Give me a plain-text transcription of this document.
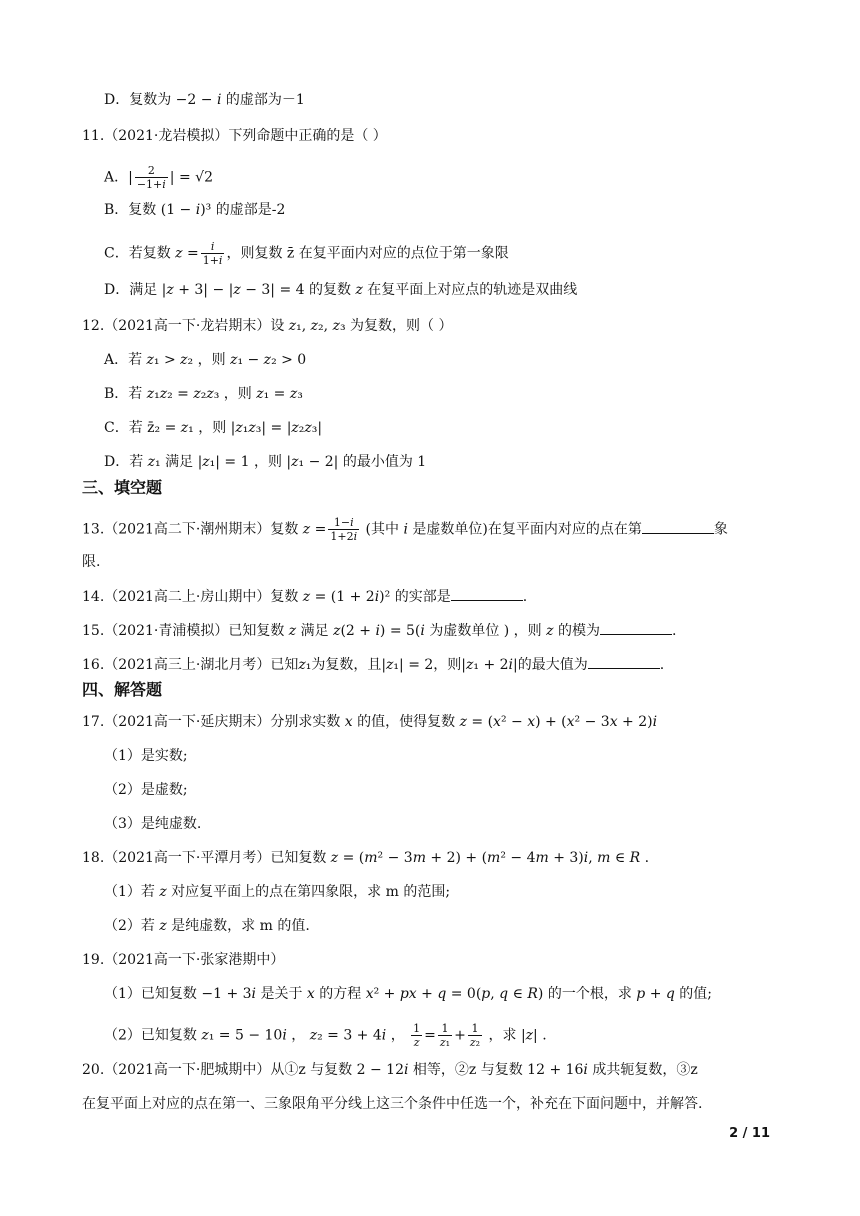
D．复数为 −2 − 𝑖 的虚部为－1
11.（2021·龙岩模拟）下列命题中正确的是（ ）
A．| $\frac{2}{\text{−1+𝑖}}$ | = √2
B．复数 (1 − 𝑖)³ 的虚部是-2
C．若复数 𝑧 = $\frac{\text{𝑖}}{\text{1+𝑖}}$ ，则复数 z̄ 在复平面内对应的点位于第一象限
D．满足 |𝑧 + 3| − |𝑧 − 3| = 4 的复数 𝑧 在复平面上对应点的轨迹是双曲线
12.（2021高一下·龙岩期末）设 𝑧₁, 𝑧₂, 𝑧₃ 为复数，则（ ）
A．若 𝑧₁ > 𝑧₂ ，则 𝑧₁ − 𝑧₂ > 0
B．若 𝑧₁𝑧₂ = 𝑧₂𝑧₃ ，则 𝑧₁ = 𝑧₃
C．若 z̄₂ = 𝑧₁ ，则 |𝑧₁𝑧₃| = |𝑧₂𝑧₃|
D．若 𝑧₁ 满足 |𝑧₁| = 1 ，则 |𝑧₁ − 2| 的最小值为 1
三、填空题
13.（2021高二下·潮州期末）复数 𝑧 = $\frac{\text{1−𝑖}}{\text{1+2𝑖}}$ (其中 𝑖 是虚数单位)在复平面内对应的点在第	象
限.
14.（2021高二上·房山期中）复数 𝑧 = (1 + 2𝑖)² 的实部是	.
15.（2021·青浦模拟）已知复数 𝑧 满足 𝑧(2 + 𝑖) = 5(𝑖 为虚数单位 ) ，则 𝑧 的模为	.
16.（2021高三上·湖北月考）已知𝑧₁为复数，且|𝑧₁| = 2，则|𝑧₁ + 2𝑖|的最大值为	.
四、解答题
17.（2021高一下·延庆期末）分别求实数 𝑥 的值，使得复数 𝑧 = (𝑥² − 𝑥) + (𝑥² − 3𝑥 + 2)𝑖
（1）是实数;
（2）是虚数;
（3）是纯虚数.
18.（2021高一下·平潭月考）已知复数 𝑧 = (𝑚² − 3𝑚 + 2) + (𝑚² − 4𝑚 + 3)𝑖, 𝑚 ∈ 𝑅 .
（1）若 𝑧 对应复平面上的点在第四象限，求 m 的范围;
（2）若 𝑧 是纯虚数，求 m 的值.
19.（2021高一下·张家港期中）
（1）已知复数 −1 + 3𝑖 是关于 𝑥 的方程 𝑥² + 𝑝𝑥 + 𝑞 = 0(𝑝, 𝑞 ∈ 𝑅) 的一个根，求 𝑝 + 𝑞 的值;
（2）已知复数 𝑧₁ = 5 − 10𝑖 ， 𝑧₂ = 3 + 4𝑖 ， $\frac{1}{\text{𝑧}} = \frac{1}{\text{𝑧₁}} + \frac{1}{\text{𝑧₂}}$ ，求 |𝑧| .
20.（2021高一下·肥城期中）从①z 与复数 2 − 12𝑖 相等，②z 与复数 12 + 16𝑖 成共轭复数，③z
在复平面上对应的点在第一、三象限角平分线上这三个条件中任选一个，补充在下面问题中，并解答.
2 / 11
